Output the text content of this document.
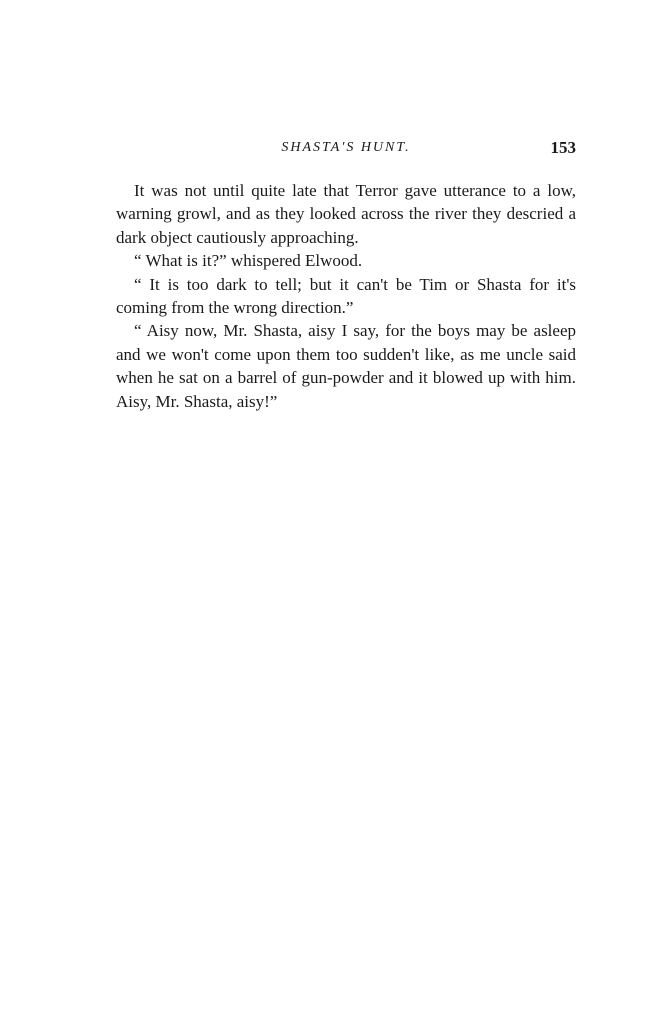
SHASTA'S HUNT.	153

It was not until quite late that Terror gave utterance to a low, warning growl, and as they looked across the river they descried a dark object cautiously approaching.

“ What is it?” whispered Elwood.

“ It is too dark to tell; but it can't be Tim or Shasta for it's coming from the wrong direction.”

“ Aisy now, Mr. Shasta, aisy I say, for the boys may be asleep and we won't come upon them too sudden't like, as me uncle said when he sat on a barrel of gun-powder and it blowed up with him. Aisy, Mr. Shasta, aisy!”
